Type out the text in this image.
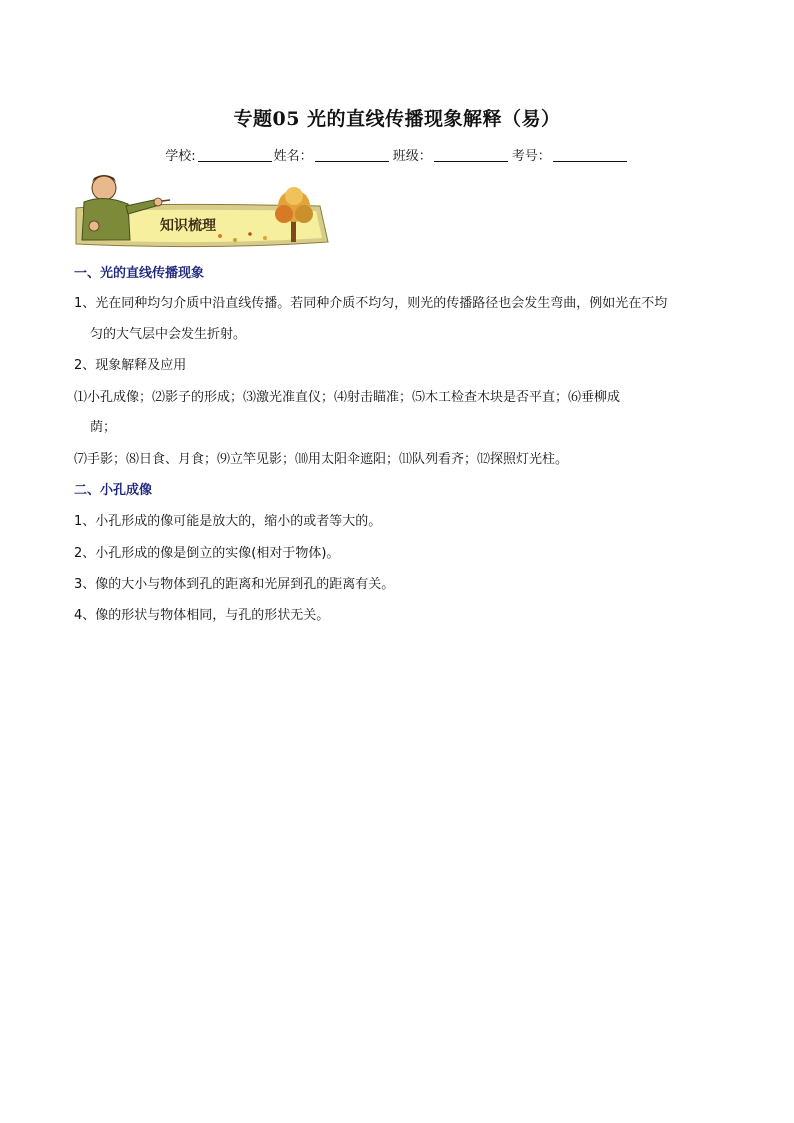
专题05 光的直线传播现象解释（易）
学校:	姓名：	班级：	考号：
知识梳理
一、光的直线传播现象
1、光在同种均匀介质中沿直线传播。若同种介质不均匀，则光的传播路径也会发生弯曲，例如光在不均
匀的大气层中会发生折射。
2、现象解释及应用
⑴小孔成像；⑵影子的形成；⑶激光准直仪；⑷射击瞄准；⑸木工检查木块是否平直；⑹垂柳成
荫；
⑺手影；⑻日食、月食；⑼立竿见影；⑽用太阳伞遮阳；⑾队列看齐；⑿探照灯光柱。
二、小孔成像
1、小孔形成的像可能是放大的，缩小的或者等大的。
2、小孔形成的像是倒立的实像(相对于物体)。
3、像的大小与物体到孔的距离和光屏到孔的距离有关。
4、像的形状与物体相同，与孔的形状无关。
